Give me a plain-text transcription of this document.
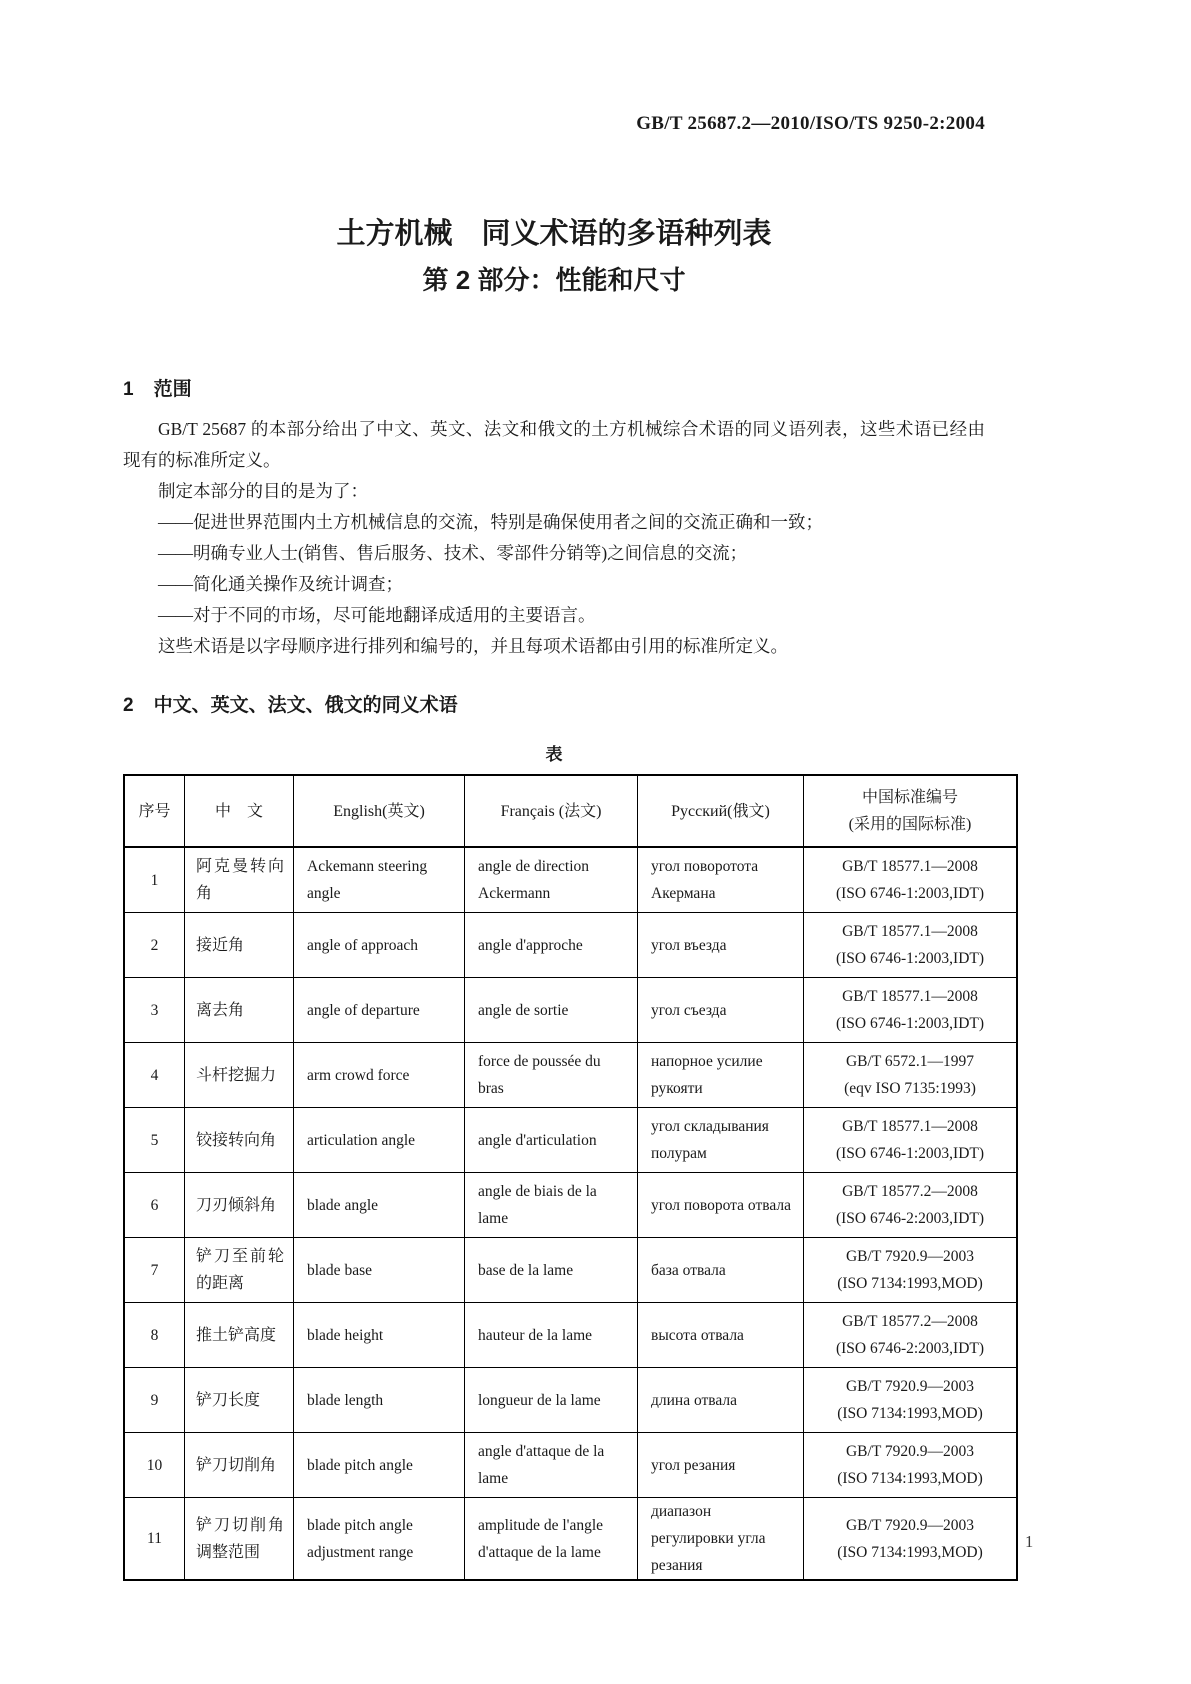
GB/T 25687.2—2010/ISO/TS 9250-2:2004
土方机械　同义术语的多语种列表
第 2 部分：性能和尺寸
1 范围

GB/T 25687 的本部分给出了中文、英文、法文和俄文的土方机械综合术语的同义语列表，这些术语已经由现有的标准所定义。

制定本部分的目的是为了：

——促进世界范围内土方机械信息的交流，特别是确保使用者之间的交流正确和一致；

——明确专业人士(销售、售后服务、技术、零部件分销等)之间信息的交流；

——简化通关操作及统计调查；

——对于不同的市场，尽可能地翻译成适用的主要语言。

这些术语是以字母顺序进行排列和编号的，并且每项术语都由引用的标准所定义。

2 中文、英文、法文、俄文的同义术语
表
序号	中　文	English(英文)	Français (法文)	Русский(俄文)	中国标准编号
(采用的国际标准)

1	阿克曼转向角	Ackemann steering angle	angle de direction Ackermann	угол поворотота Акермана	GB/T 18577.1—2008
(ISO 6746-1:2003,IDT)

2	接近角	angle of approach	angle d'approche	угол въезда	GB/T 18577.1—2008
(ISO 6746-1:2003,IDT)

3	离去角	angle of departure	angle de sortie	угол съезда	GB/T 18577.1—2008
(ISO 6746-1:2003,IDT)

4	斗杆挖掘力	arm crowd force	force de poussée du bras	напорное усилие рукояти	GB/T 6572.1—1997
(eqv ISO 7135:1993)

5	铰接转向角	articulation angle	angle d'articulation	угол складывания полурам	GB/T 18577.1—2008
(ISO 6746-1:2003,IDT)

6	刀刃倾斜角	blade angle	angle de biais de la lame	угол поворота отвала	GB/T 18577.2—2008
(ISO 6746-2:2003,IDT)

7	铲刀至前轮的距离	blade base	base de la lame	база отвала	GB/T 7920.9—2003
(ISO 7134:1993,MOD)

8	推土铲高度	blade height	hauteur de la lame	высота отвала	GB/T 18577.2—2008
(ISO 6746-2:2003,IDT)

9	铲刀长度	blade length	longueur de la lame	длина отвала	GB/T 7920.9—2003
(ISO 7134:1993,MOD)

10	铲刀切削角	blade pitch angle	angle d'attaque de la lame	угол резания	GB/T 7920.9—2003
(ISO 7134:1993,MOD)

11	铲刀切削角调整范围	blade pitch angle adjustment range	amplitude de l'angle d'attaque de la lame	диапазон регулировки угла резания	GB/T 7920.9—2003
(ISO 7134:1993,MOD)
1
